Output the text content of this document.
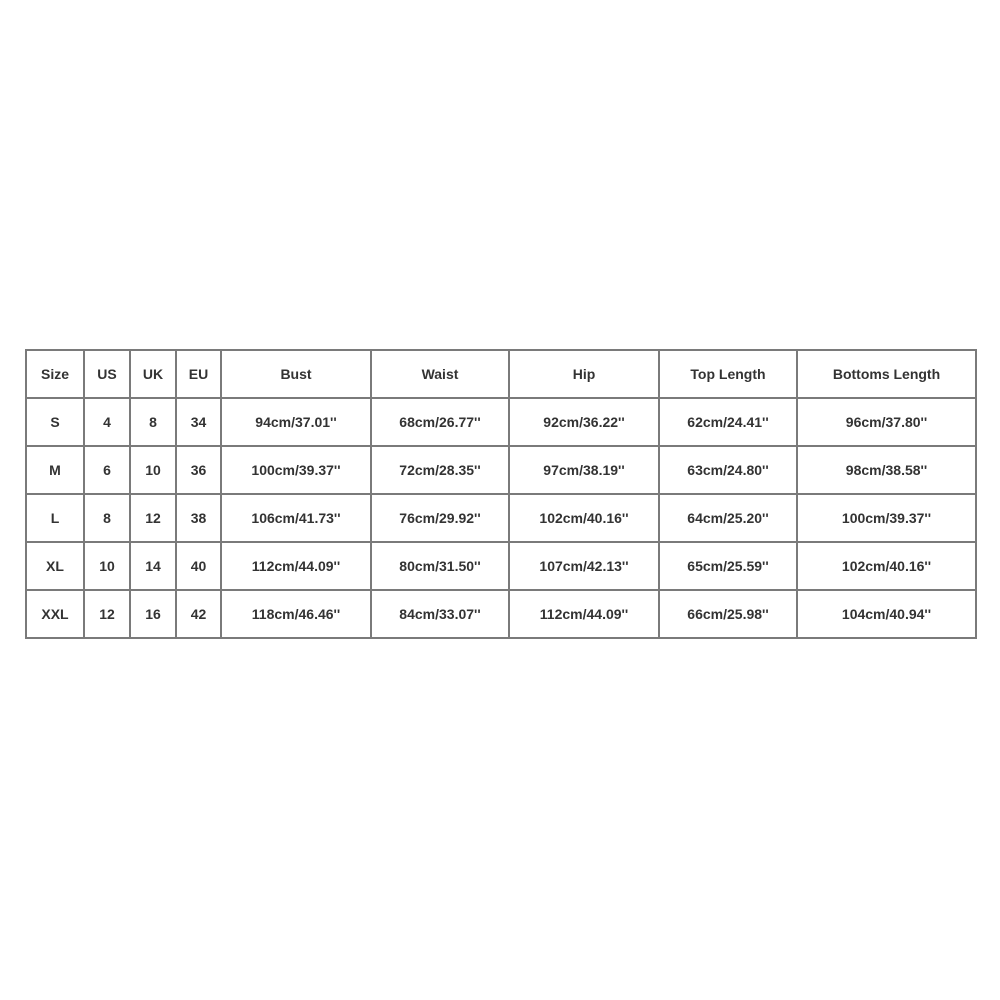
Size	US	UK	EU	Bust	Waist	Hip	Top Length	Bottoms Length
S	4	8	34	94cm/37.01''	68cm/26.77''	92cm/36.22''	62cm/24.41''	96cm/37.80''
M	6	10	36	100cm/39.37''	72cm/28.35''	97cm/38.19''	63cm/24.80''	98cm/38.58''
L	8	12	38	106cm/41.73''	76cm/29.92''	102cm/40.16''	64cm/25.20''	100cm/39.37''
XL	10	14	40	112cm/44.09''	80cm/31.50''	107cm/42.13''	65cm/25.59''	102cm/40.16''
XXL	12	16	42	118cm/46.46''	84cm/33.07''	112cm/44.09''	66cm/25.98''	104cm/40.94''
